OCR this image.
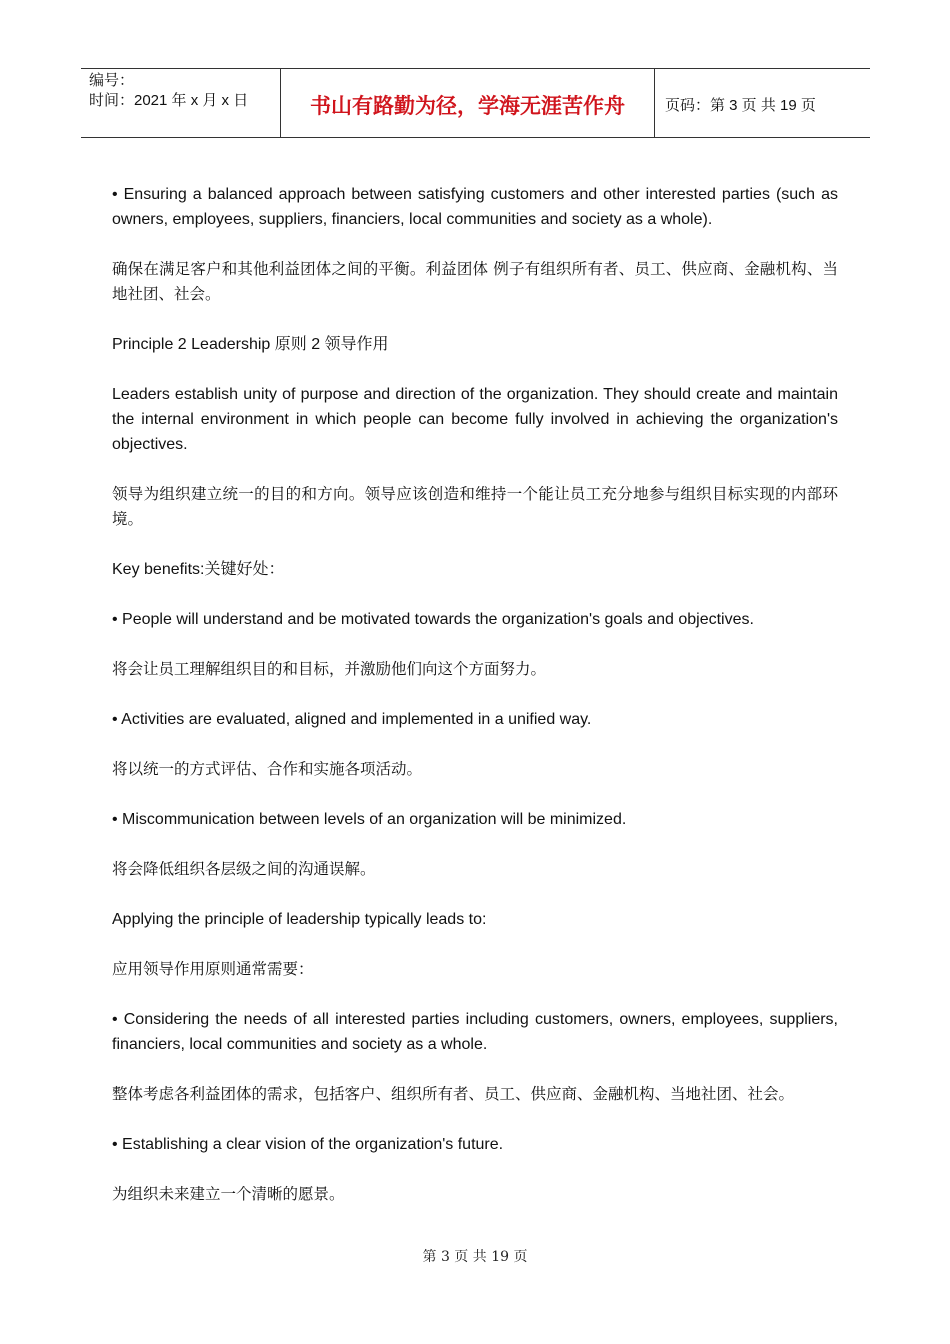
编号：
时间：2021 年 x 月 x 日	书山有路勤为径，学海无涯苦作舟	页码：第 3 页 共 19 页

• Ensuring a balanced approach between satisfying customers and other interested parties (such as owners, employees, suppliers, financiers, local communities and society as a whole).

确保在满足客户和其他利益团体之间的平衡。利益团体 例子有组织所有者、员工、供应商、金融机构、当地社团、社会。

Principle 2 Leadership 原则 2 领导作用

Leaders establish unity of purpose and direction of the organization. They should create and maintain the internal environment in which people can become fully involved in achieving the organization's objectives.

领导为组织建立统一的目的和方向。领导应该创造和维持一个能让员工充分地参与组织目标实现的内部环境。

Key benefits:关键好处：

• People will understand and be motivated towards the organization's goals and objectives.

将会让员工理解组织目的和目标，并激励他们向这个方面努力。

• Activities are evaluated, aligned and implemented in a unified way.

将以统一的方式评估、合作和实施各项活动。

• Miscommunication between levels of an organization will be minimized.

将会降低组织各层级之间的沟通误解。

Applying the principle of leadership typically leads to:

应用领导作用原则通常需要：

• Considering the needs of all interested parties including customers, owners, employees, suppliers, financiers, local communities and society as a whole.

整体考虑各利益团体的需求，包括客户、组织所有者、员工、供应商、金融机构、当地社团、社会。

• Establishing a clear vision of the organization's future.

为组织未来建立一个清晰的愿景。

第 3 页 共 19 页
